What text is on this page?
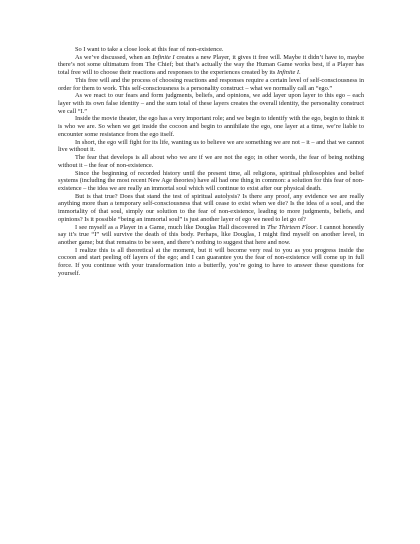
So I want to take a close look at this fear of non-existence.

As we’ve discussed, when an Infinite I creates a new Player, it gives it free will. Maybe it didn’t have to, maybe there’s not some ultimatum from The Chief; but that’s actually the way the Human Game works best, if a Player has total free will to choose their reactions and responses to the experiences created by its Infinite I.

This free will and the process of choosing reactions and responses require a certain level of self-consciousness in order for them to work. This self-consciousness is a personality construct – what we normally call an “ego.”

As we react to our fears and form judgments, beliefs, and opinions, we add layer upon layer to this ego – each layer with its own false identity – and the sum total of these layers creates the overall identity, the personality construct we call “I.”

Inside the movie theater, the ego has a very important role; and we begin to identify with the ego, begin to think it is who we are. So when we get inside the cocoon and begin to annihilate the ego, one layer at a time, we’re liable to encounter some resistance from the ego itself.

In short, the ego will fight for its life, wanting us to believe we are something we are not – it – and that we cannot live without it.

The fear that develops is all about who we are if we are not the ego; in other words, the fear of being nothing without it – the fear of non-existence.

Since the beginning of recorded history until the present time, all religions, spiritual philosophies and belief systems (including the most recent New Age theories) have all had one thing in common: a solution for this fear of non-existence – the idea we are really an immortal soul which will continue to exist after our physical death.

But is that true? Does that stand the test of spiritual autolysis? Is there any proof, any evidence we are really anything more than a temporary self-consciousness that will cease to exist when we die? Is the idea of a soul, and the immortality of that soul, simply our solution to the fear of non-existence, leading to more judgments, beliefs, and opinions? Is it possible “being an immortal soul” is just another layer of ego we need to let go of?

I see myself as a Player in a Game, much like Douglas Hall discovered in The Thirteen Floor. I cannot honestly say it’s true “I” will survive the death of this body. Perhaps, like Douglas, I might find myself on another level, in another game; but that remains to be seen, and there’s nothing to suggest that here and now.

I realize this is all theoretical at the moment, but it will become very real to you as you progress inside the cocoon and start peeling off layers of the ego; and I can guarantee you the fear of non-existence will come up in full force. If you continue with your transformation into a butterfly, you’re going to have to answer these questions for yourself.
